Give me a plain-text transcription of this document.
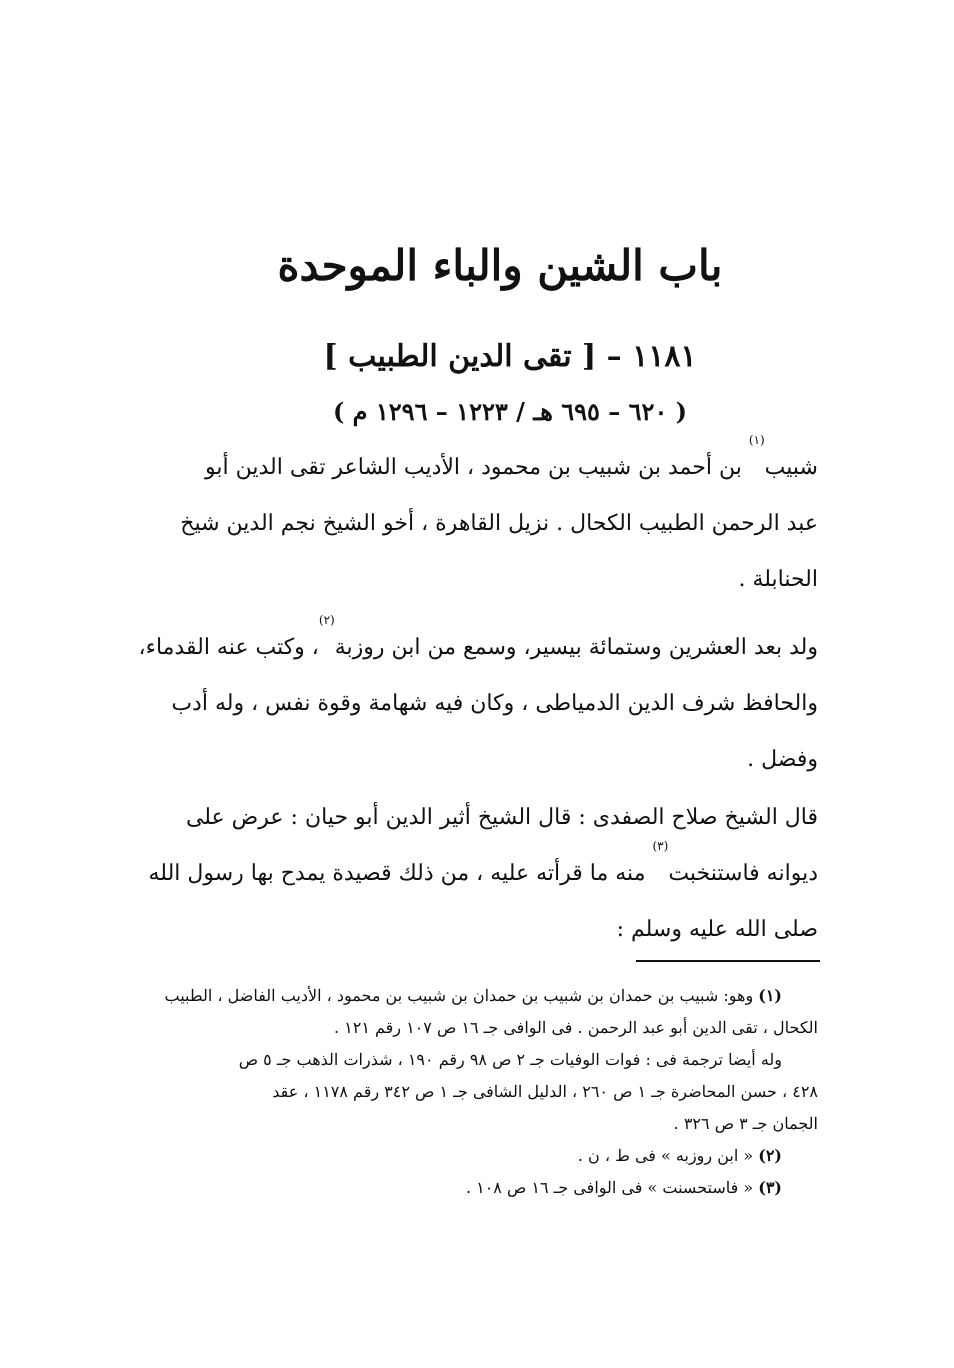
باب الشين والباء الموحدة
١١٨١ – [ تقى الدين الطبيب ]
( ٦٢٠ – ٦٩٥ هـ / ١٢٢٣ – ١٢٩٦ م )
شبيب$^{(١)}$ بن أحمد بن شبيب بن محمود ، الأديب الشاعر تقى الدين أبو
عبد الرحمن الطبيب الكحال . نزيل القاهرة ، أخو الشيخ نجم الدين شيخ
الحنابلة .
ولد بعد العشرين وستمائة بيسير، وسمع من ابن روزبة$^{(٢)}$، وكتب عنه القدماء،
والحافظ شرف الدين الدمياطى ، وكان فيه شهامة وقوة نفس ، وله أدب
وفضل .
قال الشيخ صلاح الصفدى : قال الشيخ أثير الدين أبو حيان : عرض على
ديوانه فاستنخبت$^{(٣)}$ منه ما قرأته عليه ، من ذلك قصيدة يمدح بها رسول الله
صلى الله عليه وسلم :
(١) وهو: شبيب بن حمدان بن شبيب بن حمدان بن شبيب بن محمود ، الأديب الفاضل ، الطبيب
الكحال ، تقى الدين أبو عبد الرحمن . فى الوافى جـ ١٦ ص ١٠٧ رقم ١٢١ .
وله أيضا ترجمة فى : فوات الوفيات جـ ٢ ص ٩٨ رقم ١٩٠ ، شذرات الذهب جـ ٥ ص
٤٢٨ ، حسن المحاضرة جـ ١ ص ٢٦٠ ، الدليل الشافى جـ ١ ص ٣٤٢ رقم ١١٧٨ ، عقد
الجمان جـ ٣ ص ٣٢٦ .
(٢) « ابن روزبه » فى ط ، ن .
(٣) « فاستحسنت » فى الوافى جـ ١٦ ص ١٠٨ .
